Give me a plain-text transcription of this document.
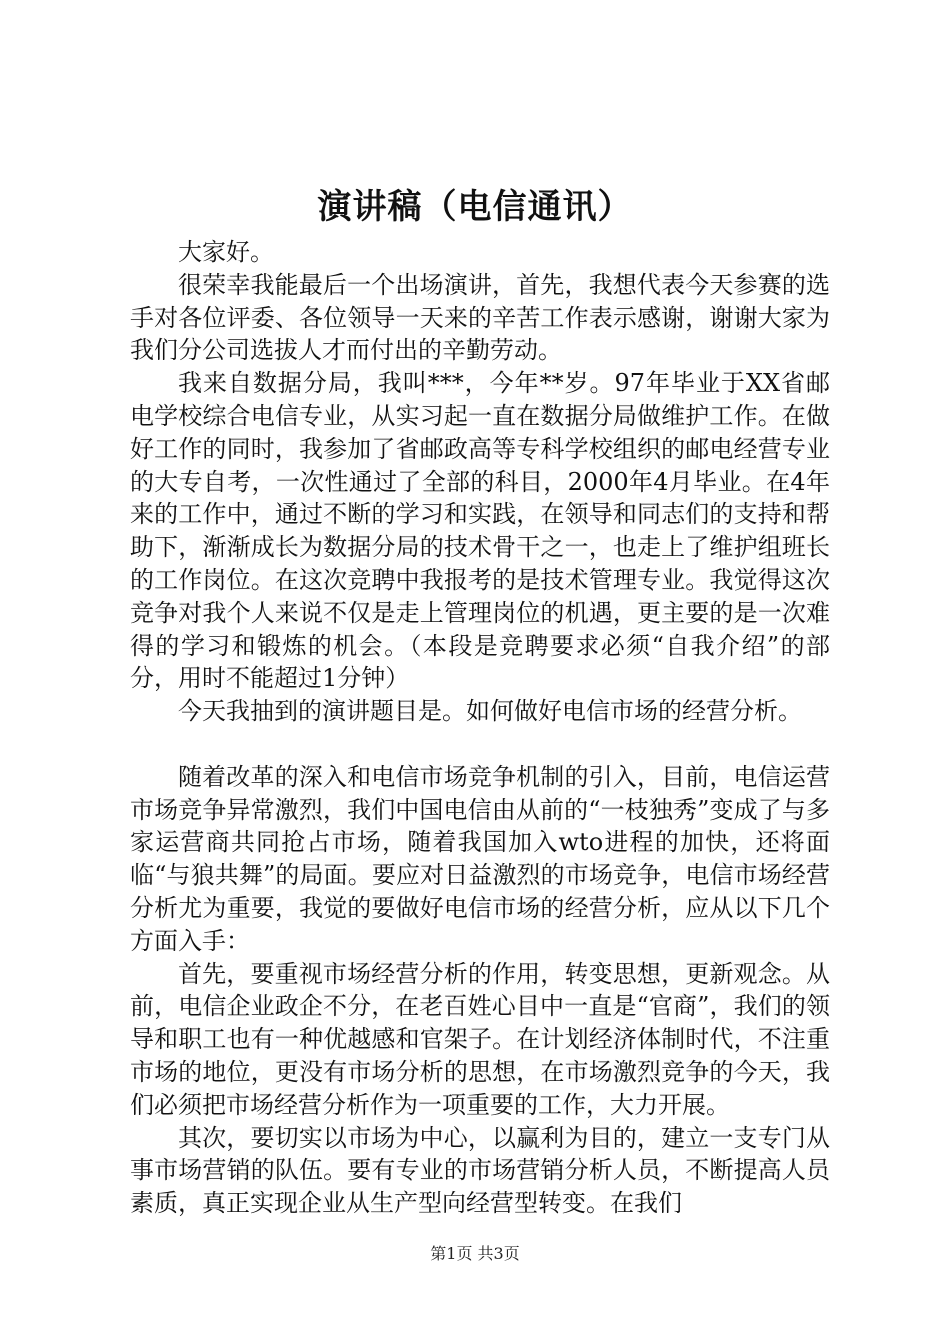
演讲稿（电信通讯）

大家好。

很荣幸我能最后一个出场演讲，首先，我想代表今天参赛的选手对各位评委、各位领导一天来的辛苦工作表示感谢，谢谢大家为我们分公司选拔人才而付出的辛勤劳动。

我来自数据分局，我叫***，今年**岁。97年毕业于XX省邮电学校综合电信专业，从实习起一直在数据分局做维护工作。在做好工作的同时，我参加了省邮政高等专科学校组织的邮电经营专业的大专自考，一次性通过了全部的科目，2000年4月毕业。在4年来的工作中，通过不断的学习和实践，在领导和同志们的支持和帮助下，渐渐成长为数据分局的技术骨干之一，也走上了维护组班长的工作岗位。在这次竞聘中我报考的是技术管理专业。我觉得这次竞争对我个人来说不仅是走上管理岗位的机遇，更主要的是一次难得的学习和锻炼的机会。（本段是竞聘要求必须“自我介绍”的部分，用时不能超过1分钟）

今天我抽到的演讲题目是。如何做好电信市场的经营分析。

随着改革的深入和电信市场竞争机制的引入，目前，电信运营市场竞争异常激烈，我们中国电信由从前的“一枝独秀”变成了与多家运营商共同抢占市场，随着我国加入wto进程的加快，还将面临“与狼共舞”的局面。要应对日益激烈的市场竞争，电信市场经营分析尤为重要，我觉的要做好电信市场的经营分析，应从以下几个方面入手：

首先，要重视市场经营分析的作用，转变思想，更新观念。从前，电信企业政企不分，在老百姓心目中一直是“官商”，我们的领导和职工也有一种优越感和官架子。在计划经济体制时代，不注重市场的地位，更没有市场分析的思想，在市场激烈竞争的今天，我们必须把市场经营分析作为一项重要的工作，大力开展。

其次，要切实以市场为中心，以赢利为目的，建立一支专门从事市场营销的队伍。要有专业的市场营销分析人员，不断提高人员素质，真正实现企业从生产型向经营型转变。在我们

第1页 共3页
